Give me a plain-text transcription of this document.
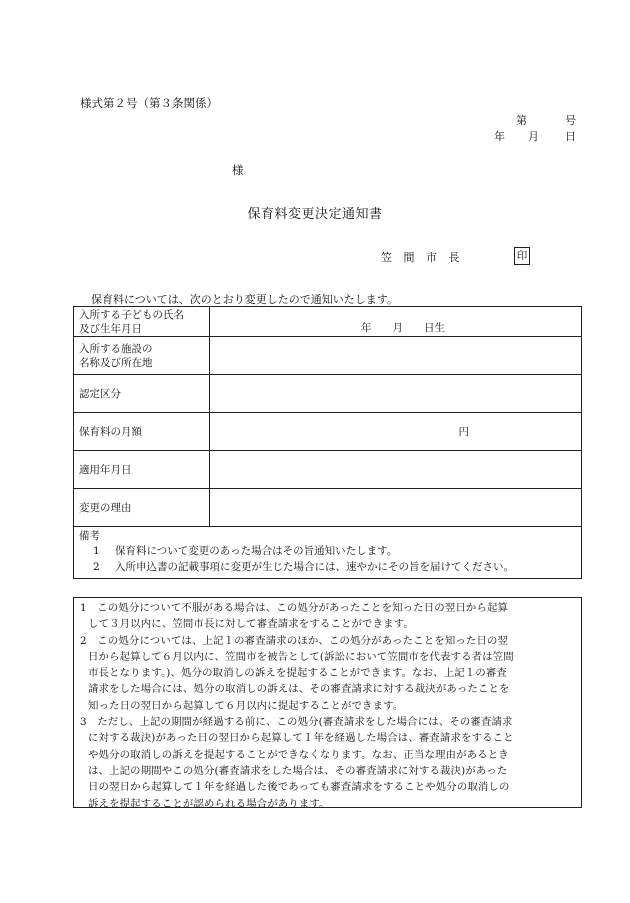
様式第２号（第３条関係）
第	号
年 月 日
様
保育料変更決定通知書
笠 間 市 長	印
保育料については、次のとおり変更したので通知いたします。
入所する子どもの氏名
及び生年月日	年　　月　　日生

入所する施設の
名称及び所在地	

認定区分	
保育料の月額	円
適用年月日	
変更の理由	

備考
1 保育料について変更のあった場合はその旨通知いたします。
2 入所申込書の記載事項に変更が生じた場合には、速やかにその旨を届けてください。	
1　この処分について不服がある場合は、この処分があったことを知った日の翌日から起算
して３月以内に、笠間市長に対して審査請求をすることができます。
2　この処分については、上記１の審査請求のほか、この処分があったことを知った日の翌
日から起算して６月以内に、笠間市を被告として(訴訟において笠間市を代表する者は笠間
市長となります。)、処分の取消しの訴えを提起することができます。なお、上記１の審査
請求をした場合には、処分の取消しの訴えは、その審査請求に対する裁決があったことを
知った日の翌日から起算して６月以内に提起することができます。
3　ただし、上記の期間が経過する前に、この処分(審査請求をした場合には、その審査請求
に対する裁決)があった日の翌日から起算して１年を経過した場合は、審査請求をすること
や処分の取消しの訴えを提起することができなくなります。なお、正当な理由があるとき
は、上記の期間やこの処分(審査請求をした場合は、その審査請求に対する裁決)があった
日の翌日から起算して１年を経過した後であっても審査請求をすることや処分の取消しの
訴えを提起することが認められる場合があります。
